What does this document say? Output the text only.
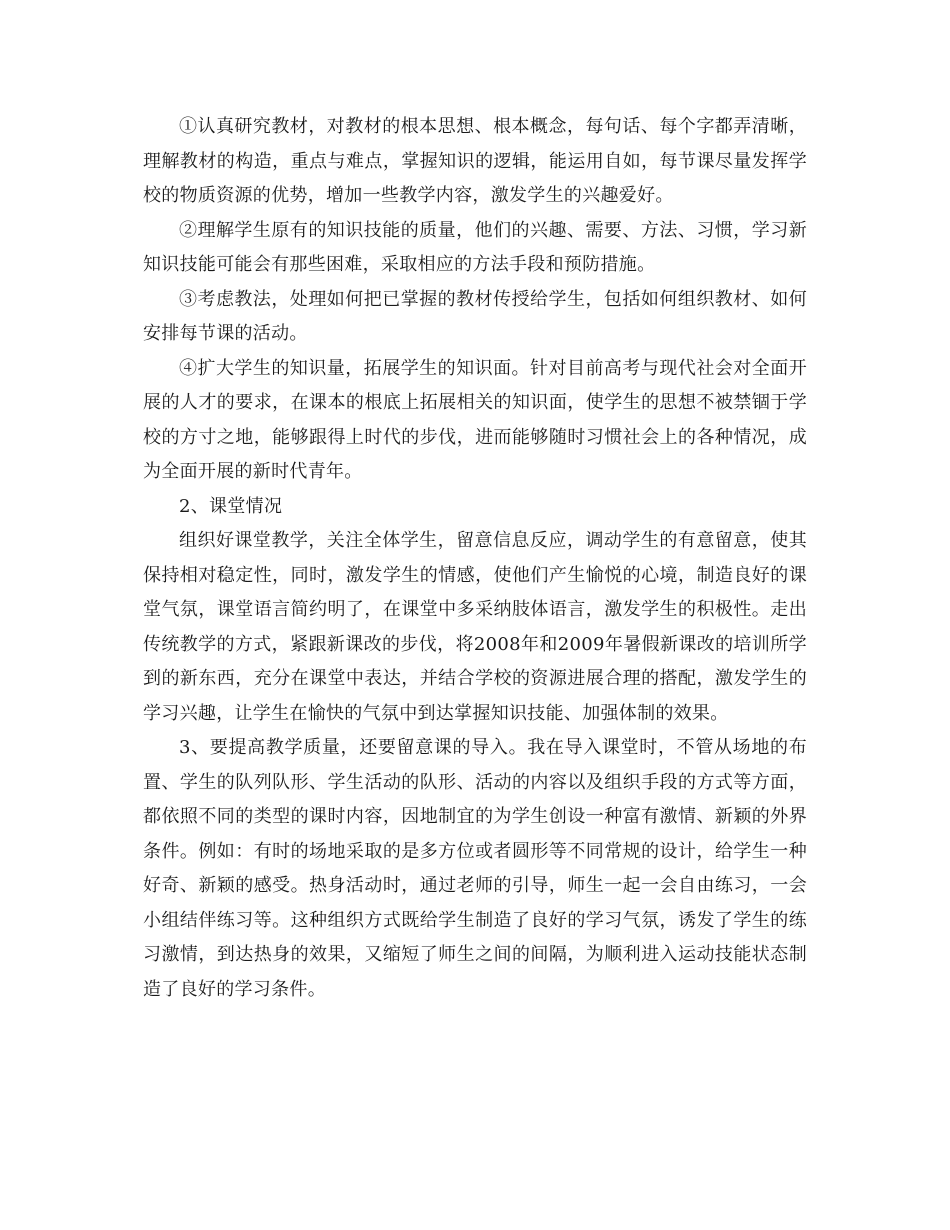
①认真研究教材，对教材的根本思想、根本概念，每句话、每个字都弄清晰，理解教材的构造，重点与难点，掌握知识的逻辑，能运用自如，每节课尽量发挥学校的物质资源的优势，增加一些教学内容，激发学生的兴趣爱好。

②理解学生原有的知识技能的质量，他们的兴趣、需要、方法、习惯，学习新知识技能可能会有那些困难，采取相应的方法手段和预防措施。

③考虑教法，处理如何把已掌握的教材传授给学生，包括如何组织教材、如何安排每节课的活动。

④扩大学生的知识量，拓展学生的知识面。针对目前高考与现代社会对全面开展的人才的要求，在课本的根底上拓展相关的知识面，使学生的思想不被禁锢于学校的方寸之地，能够跟得上时代的步伐，进而能够随时习惯社会上的各种情况，成为全面开展的新时代青年。

2、课堂情况

组织好课堂教学，关注全体学生，留意信息反应，调动学生的有意留意，使其保持相对稳定性，同时，激发学生的情感，使他们产生愉悦的心境，制造良好的课堂气氛，课堂语言简约明了，在课堂中多采纳肢体语言，激发学生的积极性。走出传统教学的方式，紧跟新课改的步伐，将2008年和2009年暑假新课改的培训所学到的新东西，充分在课堂中表达，并结合学校的资源进展合理的搭配，激发学生的学习兴趣，让学生在愉快的气氛中到达掌握知识技能、加强体制的效果。

3、要提高教学质量，还要留意课的导入。我在导入课堂时，不管从场地的布置、学生的队列队形、学生活动的队形、活动的内容以及组织手段的方式等方面，都依照不同的类型的课时内容，因地制宜的为学生创设一种富有激情、新颖的外界条件。例如：有时的场地采取的是多方位或者圆形等不同常规的设计，给学生一种好奇、新颖的感受。热身活动时，通过老师的引导，师生一起一会自由练习，一会小组结伴练习等。这种组织方式既给学生制造了良好的学习气氛，诱发了学生的练习激情，到达热身的效果，又缩短了师生之间的间隔，为顺利进入运动技能状态制造了良好的学习条件。
